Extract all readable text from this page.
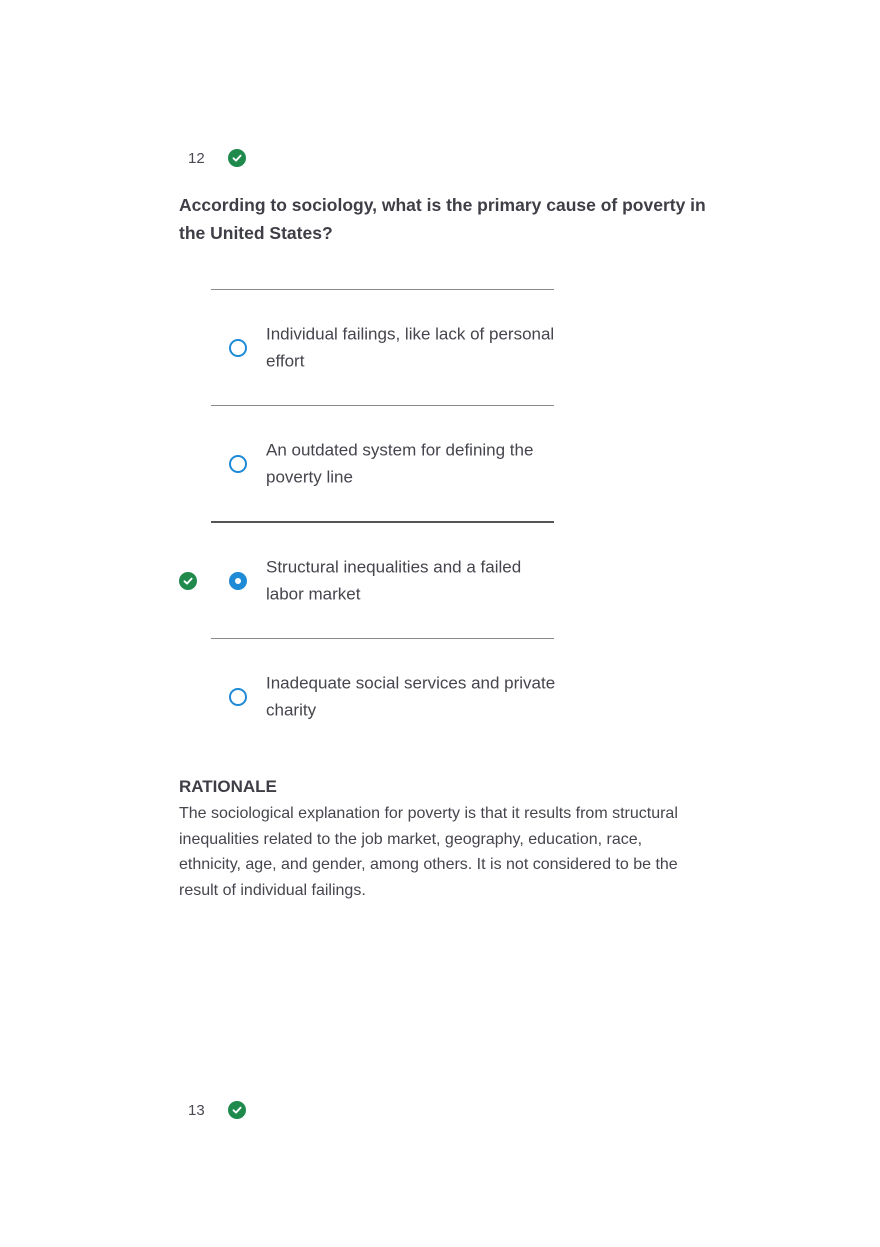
12
According to sociology, what is the primary cause of poverty in the United States?
Individual failings, like lack of personal effort
An outdated system for defining the poverty line
Structural inequalities and a failed labor market
Inadequate social services and private charity
RATIONALE
The sociological explanation for poverty is that it results from structural inequalities related to the job market, geography, education, race, ethnicity, age, and gender, among others. It is not considered to be the result of individual failings.
13
